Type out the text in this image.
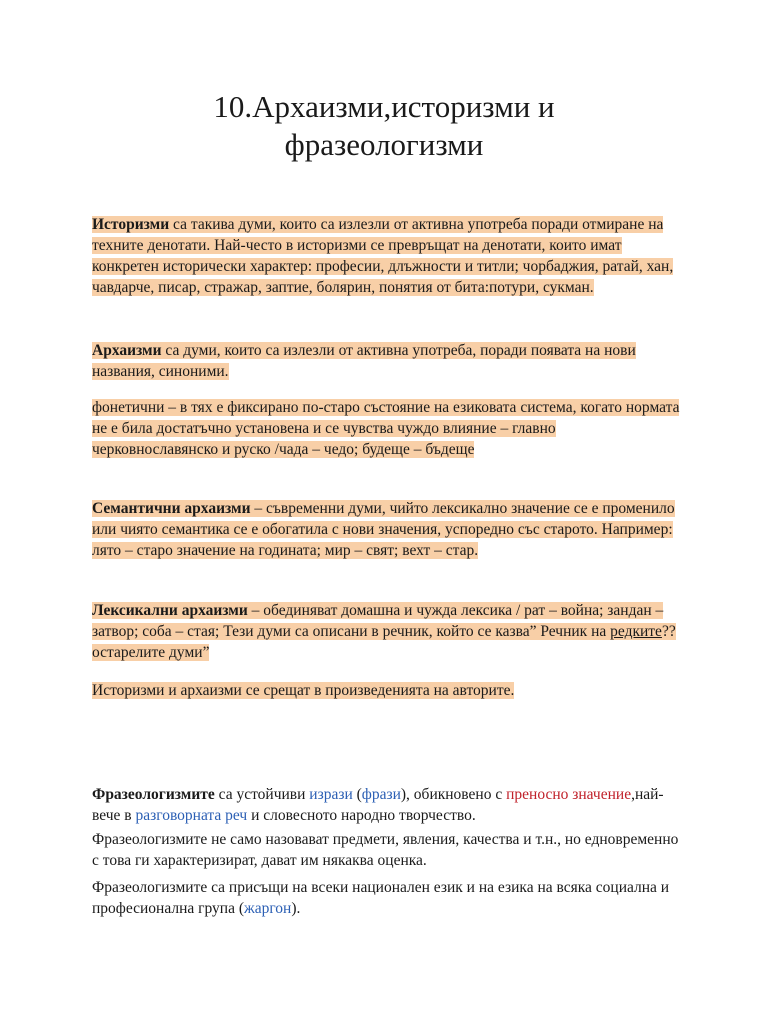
10.Архаизми,историзми и
фразеологизми

Историзми са такива думи, които са излезли от активна употреба поради отмиране на техните денотати. Най-често в историзми се превръщат на денотати, които имат конкретен исторически характер: професии, длъжности и титли; чорбаджия, ратай, хан, чавдарче, писар, стражар, заптие, болярин, понятия от бита:потури, сукман.

Архаизми са думи, които са излезли от активна употреба, поради появата на нови названия, синоними.

фонетични – в тях е фиксирано по-старо състояние на езиковата система, когато нормата не е била достатъчно установена и се чувства чуждо влияние – главно черковнославянско и руско /чада – чедо; будеще – бъдеще

Семантични архаизми – съвременни думи, чийто лексикално значение се е променило или чиято семантика се е обогатила с нови значения, успоредно със старото. Например: лято – старо значение на годината; мир – свят; вехт – стар.

Лексикални архаизми – обединяват домашна и чужда лексика / рат – война; зандан – затвор; соба – стая; Тези думи са описани в речник, който се казва” Речник на редките??остарелите думи”

Историзми и архаизми се срещат в произведенията на авторите.

Фразеологизмите са устойчиви изрази (фрази), обикновено с преносно значение,най-вече в разговорната реч и словесното народно творчество.

Фразеологизмите не само назовават предмети, явления, качества и т.н., но едновременно с това ги характеризират, дават им някаква оценка.

Фразеологизмите са присъщи на всеки национален език и на езика на всяка социална и професионална група (жаргон).
